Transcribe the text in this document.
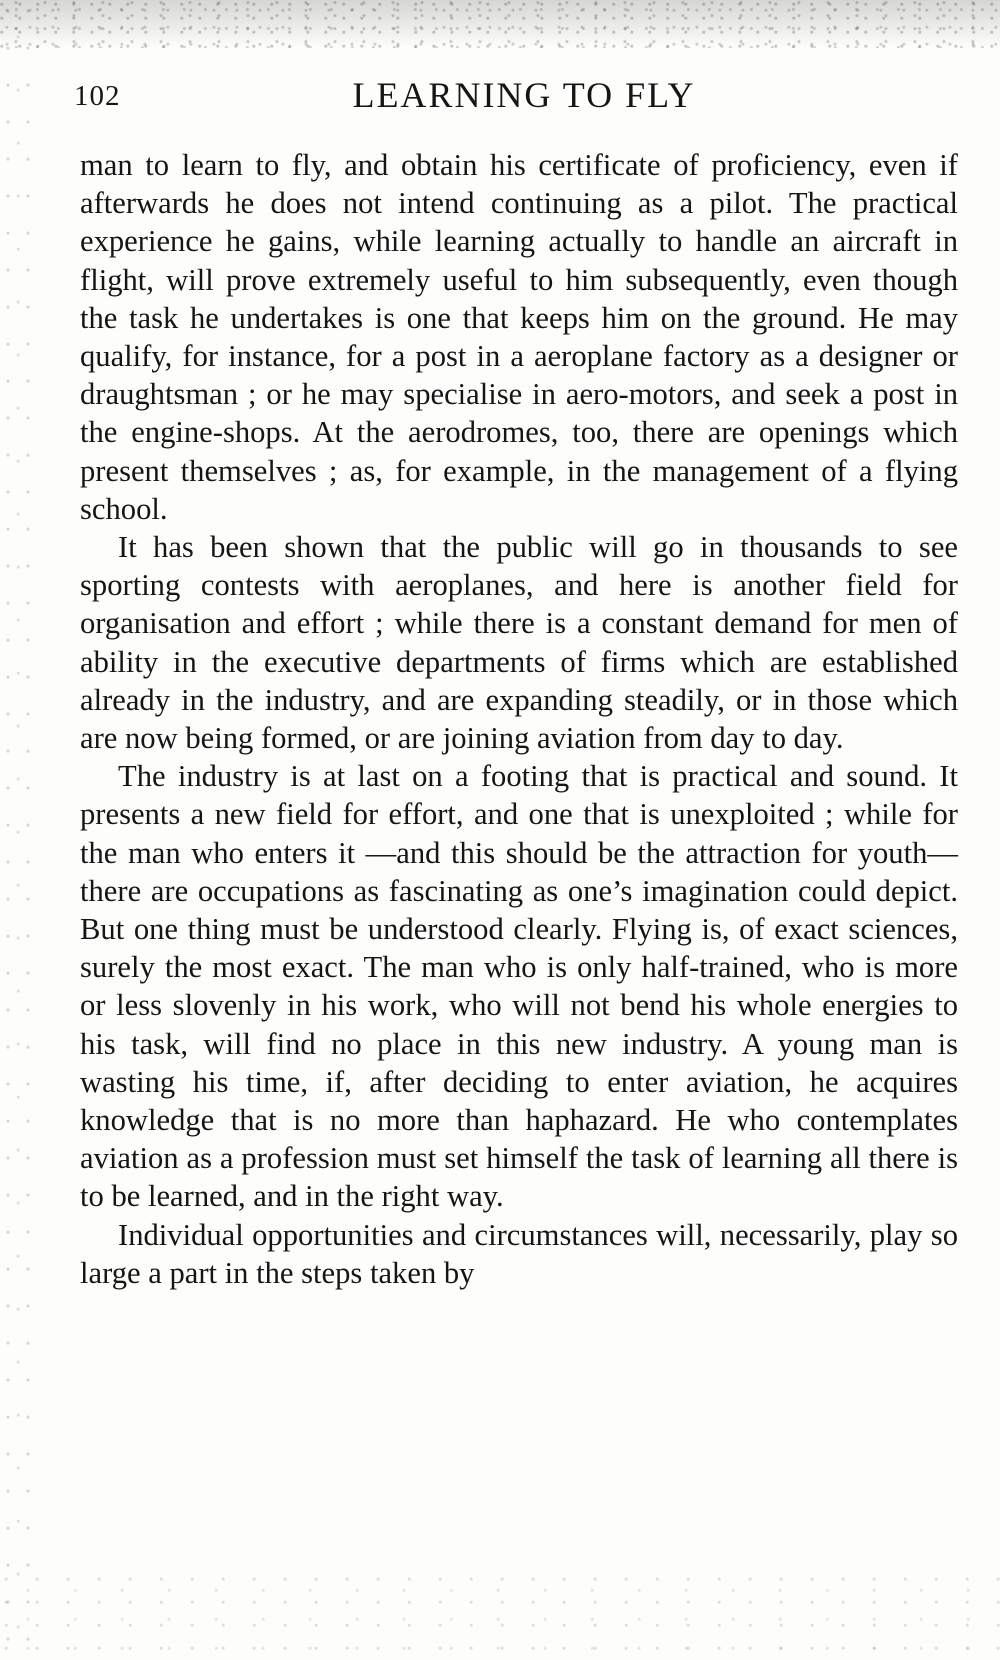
102	LEARNING TO FLY

man to learn to fly, and obtain his certificate of proficiency, even if afterwards he does not intend continuing as a pilot. The practical experience he gains, while learning actually to handle an aircraft in flight, will prove extremely useful to him subsequently, even though the task he undertakes is one that keeps him on the ground. He may qualify, for instance, for a post in a aeroplane factory as a designer or draughtsman ; or he may specialise in aero-motors, and seek a post in the engine-shops. At the aerodromes, too, there are openings which present themselves ; as, for example, in the management of a flying school.

It has been shown that the public will go in thousands to see sporting contests with aeroplanes, and here is another field for organisation and effort ; while there is a constant demand for men of ability in the executive departments of firms which are established already in the industry, and are expanding steadily, or in those which are now being formed, or are joining aviation from day to day.

The industry is at last on a footing that is practical and sound. It presents a new field for effort, and one that is unexploited ; while for the man who enters it —and this should be the attraction for youth—there are occupations as fascinating as one’s imagination could depict. But one thing must be understood clearly. Flying is, of exact sciences, surely the most exact. The man who is only half-trained, who is more or less slovenly in his work, who will not bend his whole energies to his task, will find no place in this new industry. A young man is wasting his time, if, after deciding to enter aviation, he acquires knowledge that is no more than haphazard. He who contemplates aviation as a profession must set himself the task of learning all there is to be learned, and in the right way.

Individual opportunities and circumstances will, necessarily, play so large a part in the steps taken by
